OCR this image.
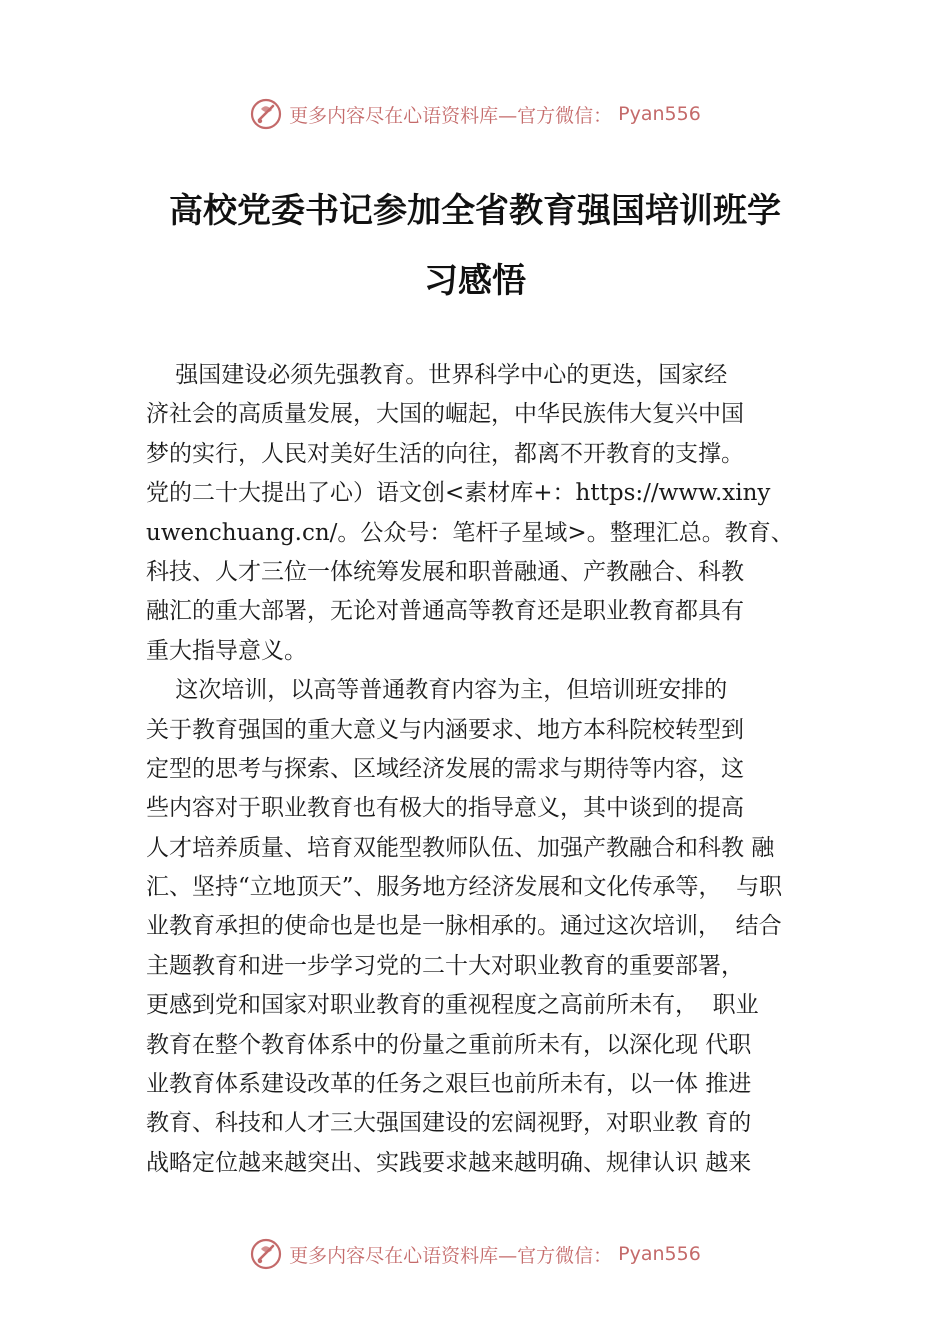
更多内容尽在心语资料库—官方微信： Pyan556
高校党委书记参加全省教育强国培训班学
习感悟
强国建设必须先强教育。世界科学中心的更迭，国家经
济社会的高质量发展，大国的崛起，中华民族伟大复兴中国
梦的实行，人民对美好生活的向往，都离不开教育的支撑。
党的二十大提出了心）语文创<素材库+：https://www.xiny
uwenchuang.cn/。公众号：笔杆子星域>。整理汇总。教育、
科技、人才三位一体统筹发展和职普融通、产教融合、科教
融汇的重大部署，无论对普通高等教育还是职业教育都具有
重大指导意义。
这次培训，以高等普通教育内容为主，但培训班安排的
关于教育强国的重大意义与内涵要求、地方本科院校转型到
定型的思考与探索、区域经济发展的需求与期待等内容，这
些内容对于职业教育也有极大的指导意义，其中谈到的提高
人才培养质量、培育双能型教师队伍、加强产教融合和科教 融
汇、坚持“立地顶天”、服务地方经济发展和文化传承等，  与职
业教育承担的使命也是也是一脉相承的。通过这次培训，  结合
主题教育和进一步学习党的二十大对职业教育的重要部署，
更感到党和国家对职业教育的重视程度之高前所未有，  职业
教育在整个教育体系中的份量之重前所未有，以深化现 代职
业教育体系建设改革的任务之艰巨也前所未有，以一体 推进
教育、科技和人才三大强国建设的宏阔视野，对职业教 育的
战略定位越来越突出、实践要求越来越明确、规律认识 越来
更多内容尽在心语资料库—官方微信： Pyan556
